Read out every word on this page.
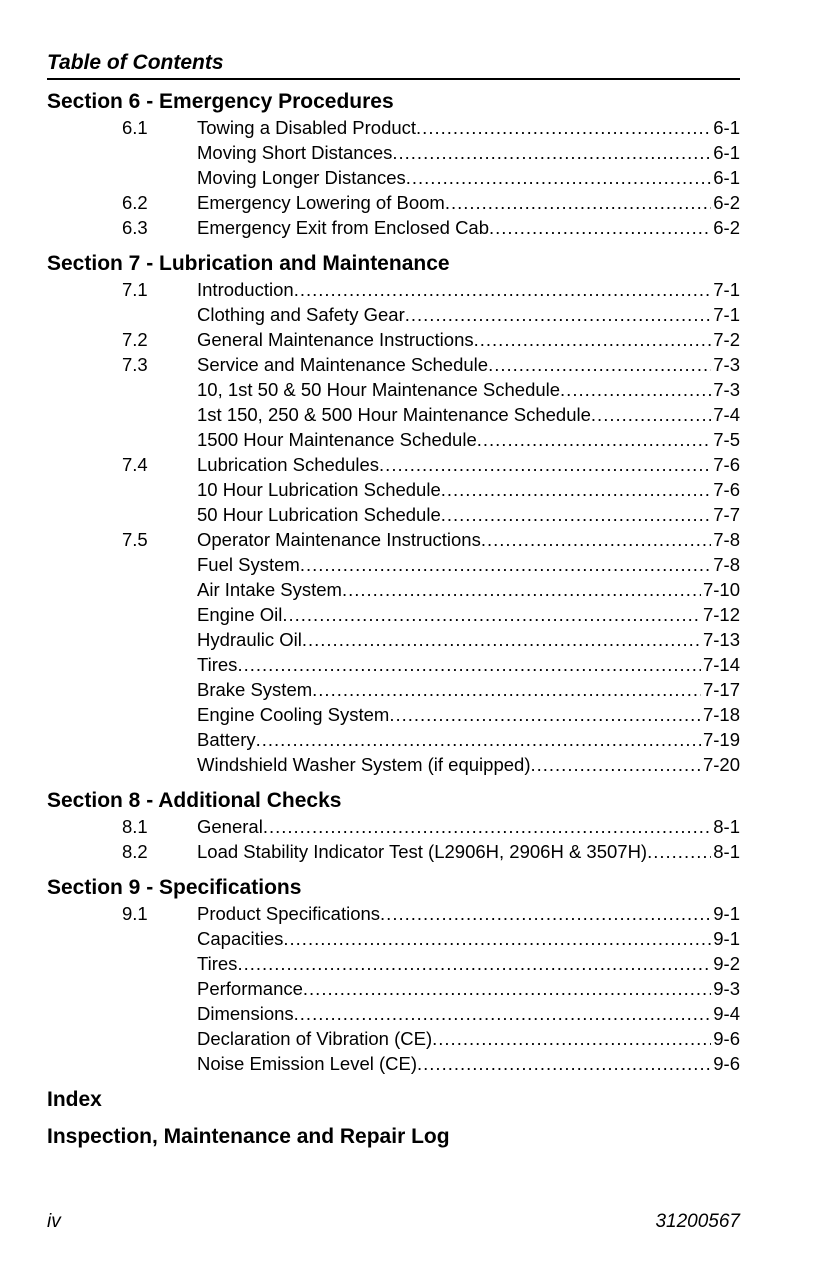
Table of Contents
Section 6 - Emergency Procedures
6.1	Towing a Disabled Product .....	6-1
Moving Short Distances .....	6-1
Moving Longer Distances .....	6-1
6.2	Emergency Lowering of Boom .....	6-2
6.3	Emergency Exit from Enclosed Cab .....	6-2
Section 7 - Lubrication and Maintenance
7.1	Introduction .....	7-1
Clothing and Safety Gear .....	7-1
7.2	General Maintenance Instructions .....	7-2
7.3	Service and Maintenance Schedule .....	7-3
10, 1st 50 & 50 Hour Maintenance Schedule .....	7-3
1st 150, 250 & 500 Hour Maintenance Schedule .....	7-4
1500 Hour Maintenance Schedule .....	7-5
7.4	Lubrication Schedules .....	7-6
10 Hour Lubrication Schedule .....	7-6
50 Hour Lubrication Schedule .....	7-7
7.5	Operator Maintenance Instructions .....	7-8
Fuel System .....	7-8
Air Intake System .....	7-10
Engine Oil .....	7-12
Hydraulic Oil .....	7-13
Tires .....	7-14
Brake System .....	7-17
Engine Cooling System .....	7-18
Battery .....	7-19
Windshield Washer System (if equipped) .....	7-20
Section 8 - Additional Checks
8.1	General .....	8-1
8.2	Load Stability Indicator Test (L2906H, 2906H & 3507H) .....	8-1
Section 9 - Specifications
9.1	Product Specifications .....	9-1
Capacities .....	9-1
Tires .....	9-2
Performance .....	9-3
Dimensions .....	9-4
Declaration of Vibration (CE) .....	9-6
Noise Emission Level (CE) .....	9-6
Index
Inspection, Maintenance and Repair Log
iv	31200567
